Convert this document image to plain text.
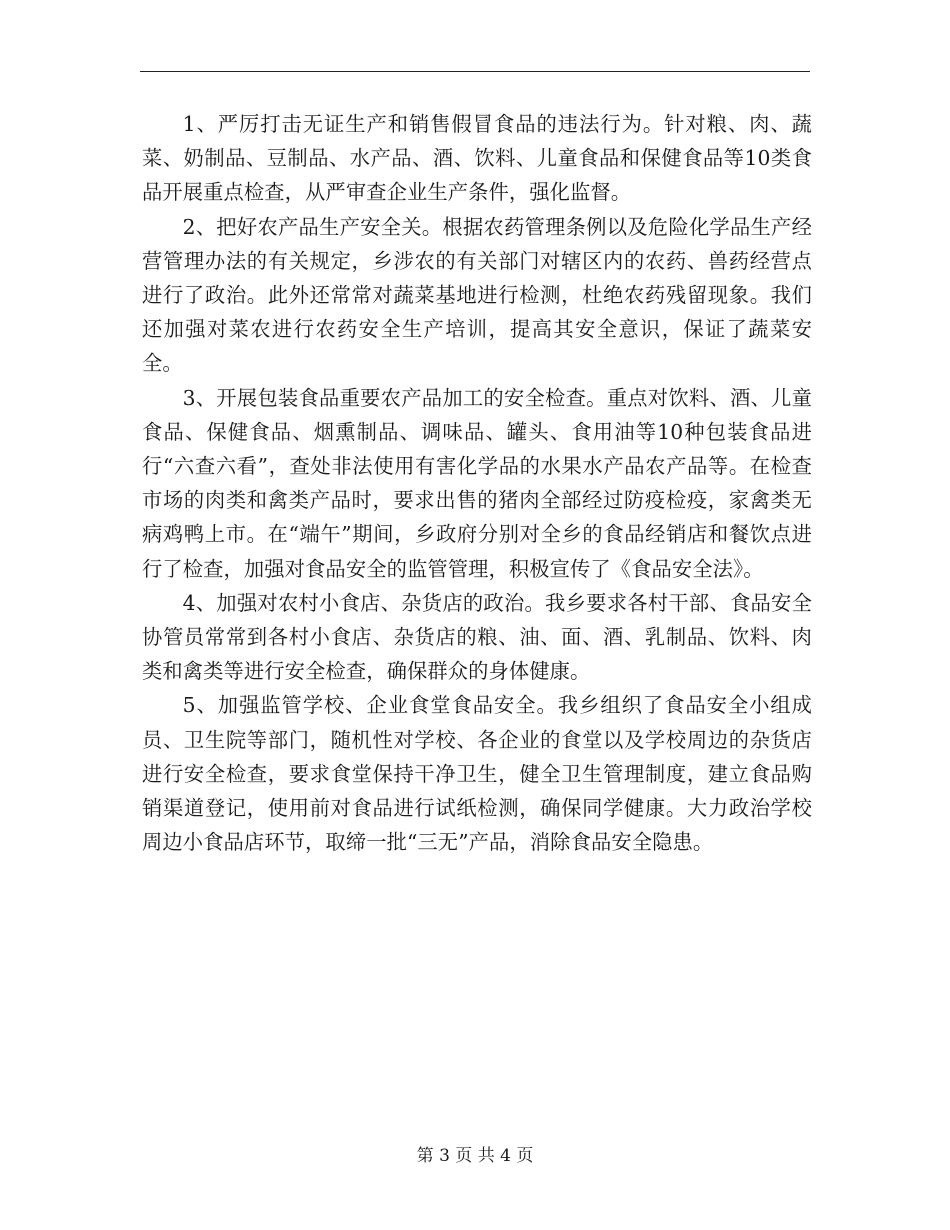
1、严厉打击无证生产和销售假冒食品的违法行为。针对粮、肉、蔬菜、奶制品、豆制品、水产品、酒、饮料、儿童食品和保健食品等10类食品开展重点检查，从严审查企业生产条件，强化监督。

2、把好农产品生产安全关。根据农药管理条例以及危险化学品生产经营管理办法的有关规定，乡涉农的有关部门对辖区内的农药、兽药经营点进行了政治。此外还常常对蔬菜基地进行检测，杜绝农药残留现象。我们还加强对菜农进行农药安全生产培训，提高其安全意识，保证了蔬菜安全。

3、开展包装食品重要农产品加工的安全检查。重点对饮料、酒、儿童食品、保健食品、烟熏制品、调味品、罐头、食用油等10种包装食品进行“六查六看”，查处非法使用有害化学品的水果水产品农产品等。在检查市场的肉类和禽类产品时，要求出售的猪肉全部经过防疫检疫，家禽类无病鸡鸭上市。在“端午”期间，乡政府分别对全乡的食品经销店和餐饮点进行了检查，加强对食品安全的监管管理，积极宣传了《食品安全法》。

4、加强对农村小食店、杂货店的政治。我乡要求各村干部、食品安全协管员常常到各村小食店、杂货店的粮、油、面、酒、乳制品、饮料、肉类和禽类等进行安全检查，确保群众的身体健康。

5、加强监管学校、企业食堂食品安全。我乡组织了食品安全小组成员、卫生院等部门，随机性对学校、各企业的食堂以及学校周边的杂货店进行安全检查，要求食堂保持干净卫生，健全卫生管理制度，建立食品购销渠道登记，使用前对食品进行试纸检测，确保同学健康。大力政治学校周边小食品店环节，取缔一批“三无”产品，消除食品安全隐患。

第 3 页 共 4 页
